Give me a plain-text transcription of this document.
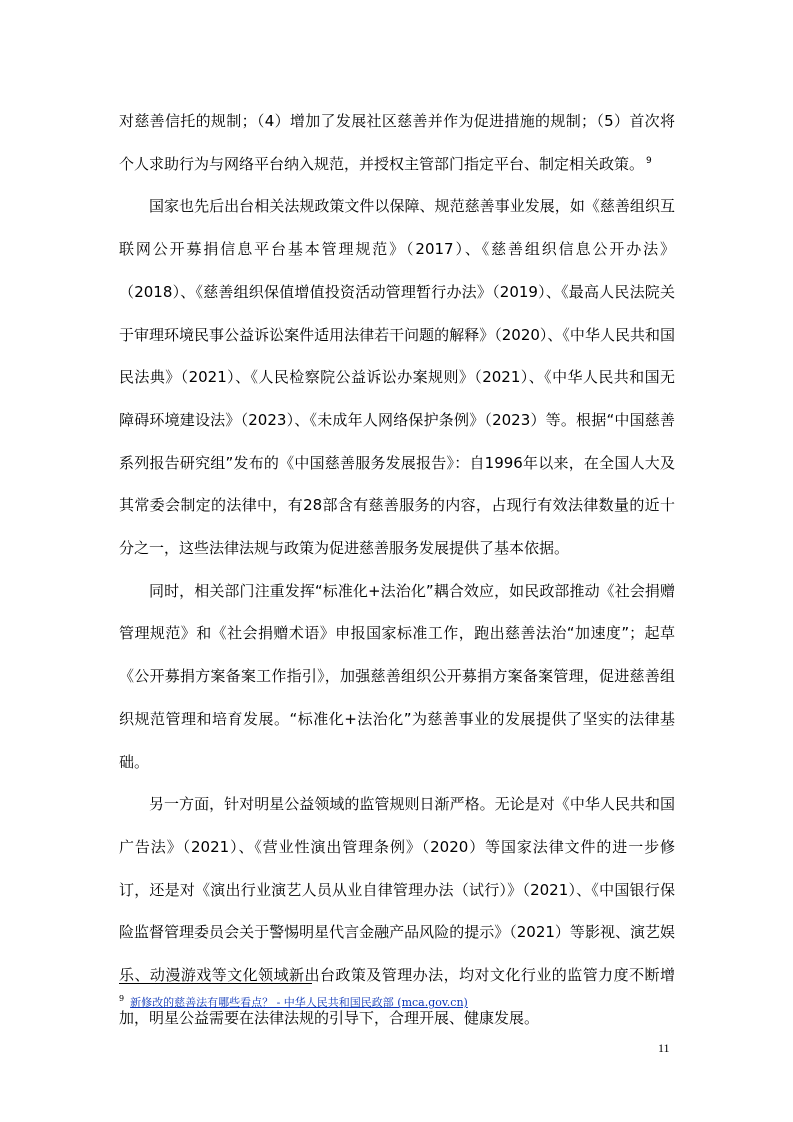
对慈善信托的规制；（4）增加了发展社区慈善并作为促进措施的规制；（5）首次将个人求助行为与网络平台纳入规范，并授权主管部门指定平台、制定相关政策。 $^9$

国家也先后出台相关法规政策文件以保障、规范慈善事业发展，如《慈善组织互联网公开募捐信息平台基本管理规范》（2017）、《慈善组织信息公开办法》（2018）、《慈善组织保值增值投资活动管理暂行办法》（2019）、《最高人民法院关于审理环境民事公益诉讼案件适用法律若干问题的解释》（2020）、《中华人民共和国民法典》（2021）、《人民检察院公益诉讼办案规则》（2021）、《中华人民共和国无障碍环境建设法》（2023）、《未成年人网络保护条例》（2023）等。根据“中国慈善系列报告研究组”发布的《中国慈善服务发展报告》：自1996年以来，在全国人大及其常委会制定的法律中，有28部含有慈善服务的内容，占现行有效法律数量的近十分之一，这些法律法规与政策为促进慈善服务发展提供了基本依据。

同时，相关部门注重发挥“标准化+法治化”耦合效应，如民政部推动《社会捐赠管理规范》和《社会捐赠术语》申报国家标准工作，跑出慈善法治“加速度”；起草《公开募捐方案备案工作指引》，加强慈善组织公开募捐方案备案管理，促进慈善组织规范管理和培育发展。“标准化+法治化”为慈善事业的发展提供了坚实的法律基础。

另一方面，针对明星公益领域的监管规则日渐严格。无论是对《中华人民共和国广告法》（2021）、《营业性演出管理条例》（2020）等国家法律文件的进一步修订，还是对《演出行业演艺人员从业自律管理办法（试行）》（2021）、《中国银行保险监督管理委员会关于警惕明星代言金融产品风险的提示》（2021）等影视、演艺娱乐、动漫游戏等文化领域新出台政策及管理办法，均对文化行业的监管力度不断增加，明星公益需要在法律法规的引导下，合理开展、健康发展。

$^9$ 新修改的慈善法有哪些看点？ - 中华人民共和国民政部 (mca.gov.cn)
11
